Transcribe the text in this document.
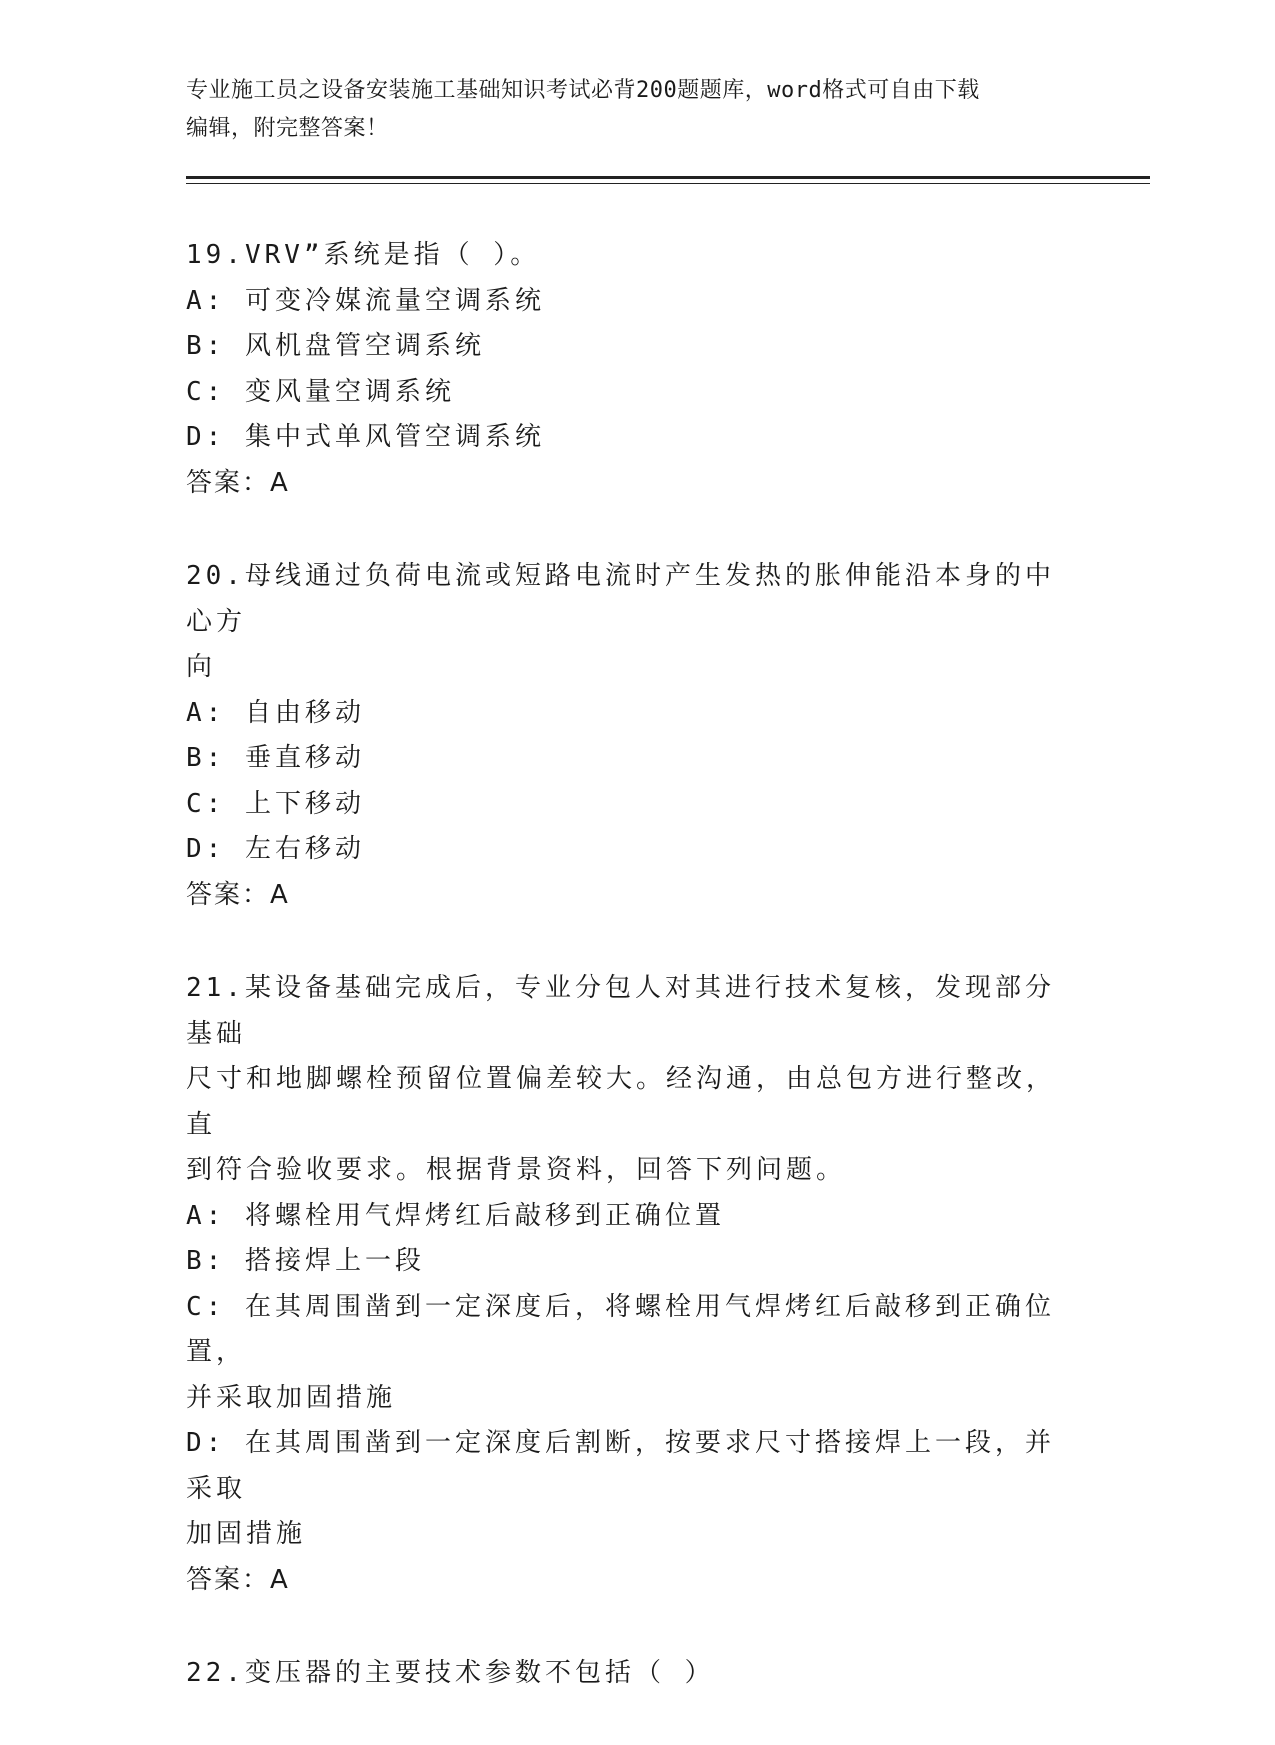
专业施工员之设备安装施工基础知识考试必背200题题库，word格式可自由下载
编辑，附完整答案！
19.VRV”系统是指（ ）。
A: 可变冷媒流量空调系统
B: 风机盘管空调系统
C: 变风量空调系统
D: 集中式单风管空调系统
答案：A
20.母线通过负荷电流或短路电流时产生发热的胀伸能沿本身的中心方
向
A: 自由移动
B: 垂直移动
C: 上下移动
D: 左右移动
答案：A
21.某设备基础完成后，专业分包人对其进行技术复核，发现部分基础
尺寸和地脚螺栓预留位置偏差较大。经沟通，由总包方进行整改，直
到符合验收要求。根据背景资料，回答下列问题。
A: 将螺栓用气焊烤红后敲移到正确位置
B: 搭接焊上一段
C: 在其周围凿到一定深度后，将螺栓用气焊烤红后敲移到正确位置，
并采取加固措施
D: 在其周围凿到一定深度后割断，按要求尺寸搭接焊上一段，并采取
加固措施
答案：A
22.变压器的主要技术参数不包括（ ）
